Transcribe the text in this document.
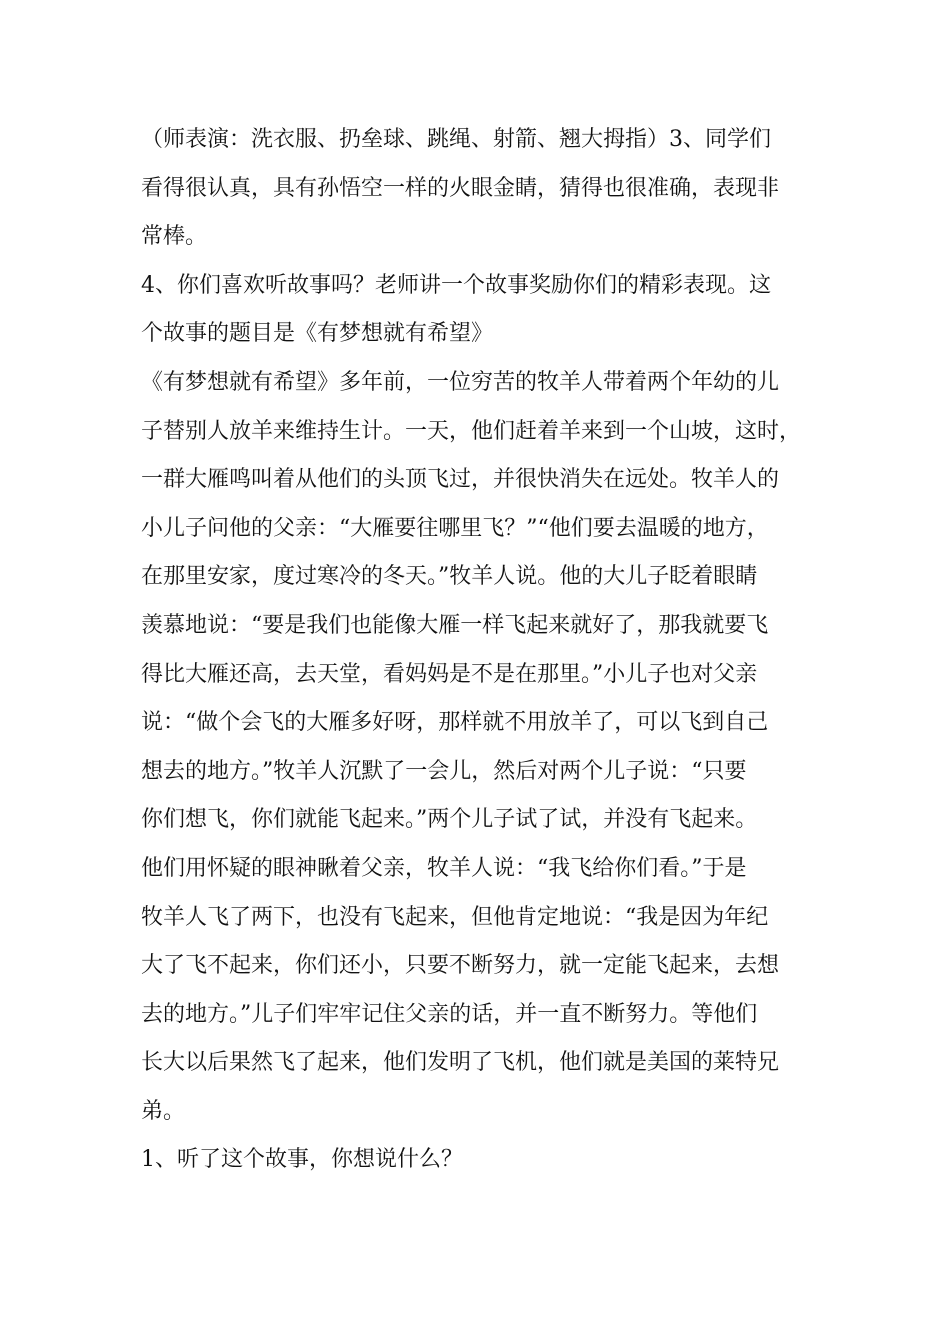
（师表演：洗衣服、扔垒球、跳绳、射箭、翘大拇指）3、同学们

看得很认真，具有孙悟空一样的火眼金睛，猜得也很准确，表现非

常棒。

4、你们喜欢听故事吗？老师讲一个故事奖励你们的精彩表现。这

个故事的题目是《有梦想就有希望》

《有梦想就有希望》多年前，一位穷苦的牧羊人带着两个年幼的儿

子替别人放羊来维持生计。一天，他们赶着羊来到一个山坡，这时，

一群大雁鸣叫着从他们的头顶飞过，并很快消失在远处。牧羊人的

小儿子问他的父亲：“大雁要往哪里飞？”“他们要去温暖的地方，

在那里安家，度过寒冷的冬天。”牧羊人说。他的大儿子眨着眼睛

羡慕地说：“要是我们也能像大雁一样飞起来就好了，那我就要飞

得比大雁还高，去天堂，看妈妈是不是在那里。”小儿子也对父亲

说：“做个会飞的大雁多好呀，那样就不用放羊了，可以飞到自己

想去的地方。”牧羊人沉默了一会儿，然后对两个儿子说：“只要

你们想飞，你们就能飞起来。”两个儿子试了试，并没有飞起来。

他们用怀疑的眼神瞅着父亲，牧羊人说：“我飞给你们看。”于是

牧羊人飞了两下，也没有飞起来，但他肯定地说：“我是因为年纪

大了飞不起来，你们还小，只要不断努力，就一定能飞起来，去想

去的地方。”儿子们牢牢记住父亲的话，并一直不断努力。等他们

长大以后果然飞了起来，他们发明了飞机，他们就是美国的莱特兄

弟。

1、听了这个故事，你想说什么？
